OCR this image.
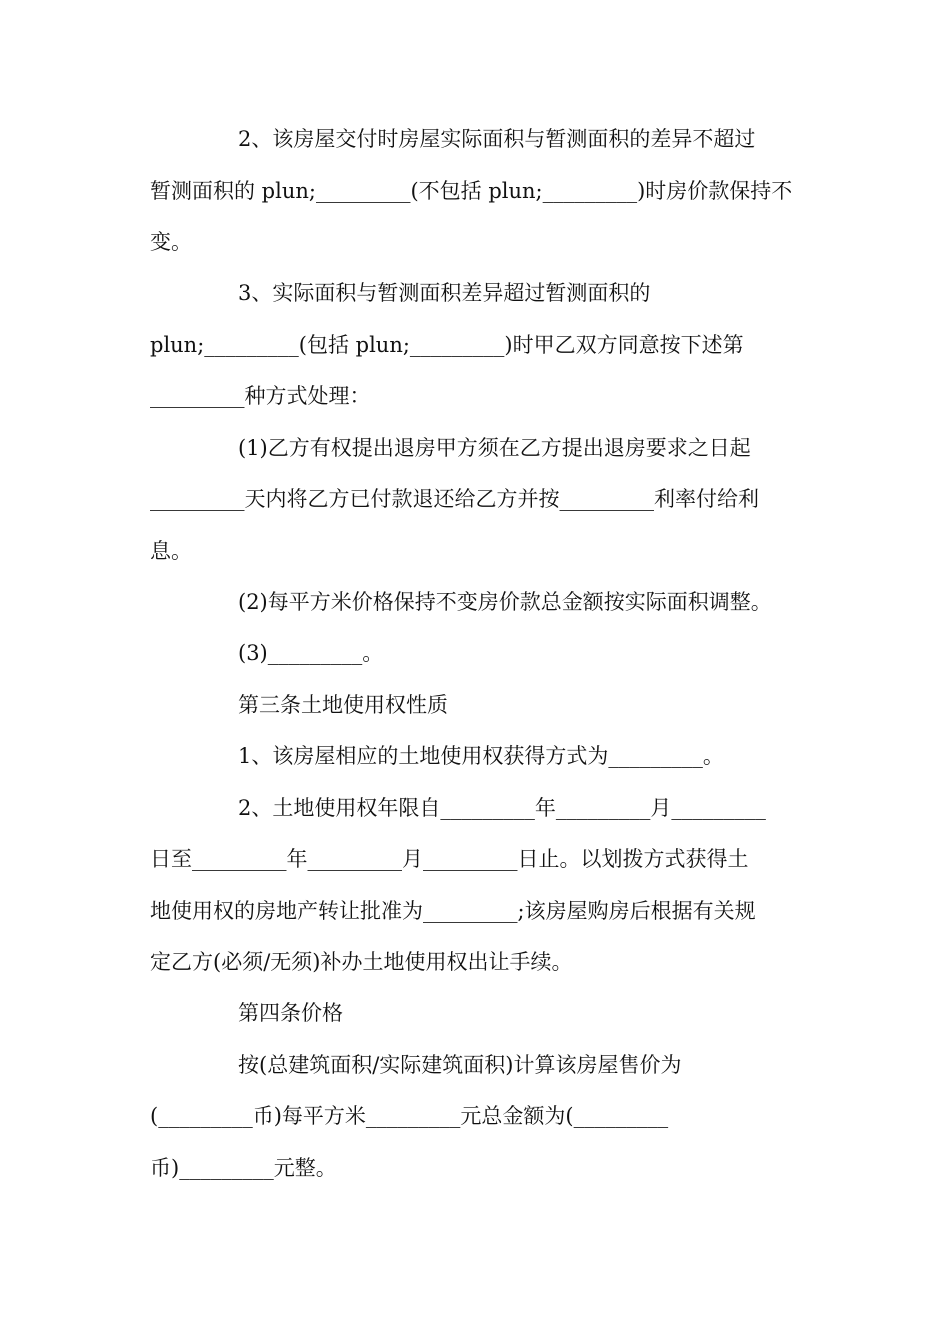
2、该房屋交付时房屋实际面积与暂测面积的差异不超过
暂测面积的 plun;_________(不包括 plun;_________)时房价款保持不
变。
3、实际面积与暂测面积差异超过暂测面积的
plun;_________(包括 plun;_________)时甲乙双方同意按下述第
_________种方式处理：
(1)乙方有权提出退房甲方须在乙方提出退房要求之日起
_________天内将乙方已付款退还给乙方并按_________利率付给利
息。
(2)每平方米价格保持不变房价款总金额按实际面积调整。
(3)_________。
第三条土地使用权性质
1、该房屋相应的土地使用权获得方式为_________。
2、土地使用权年限自_________年_________月_________
日至_________年_________月_________日止。以划拨方式获得土
地使用权的房地产转让批准为_________;该房屋购房后根据有关规
定乙方(必须/无须)补办土地使用权出让手续。
第四条价格
按(总建筑面积/实际建筑面积)计算该房屋售价为
(_________币)每平方米_________元总金额为(_________
币)_________元整。
